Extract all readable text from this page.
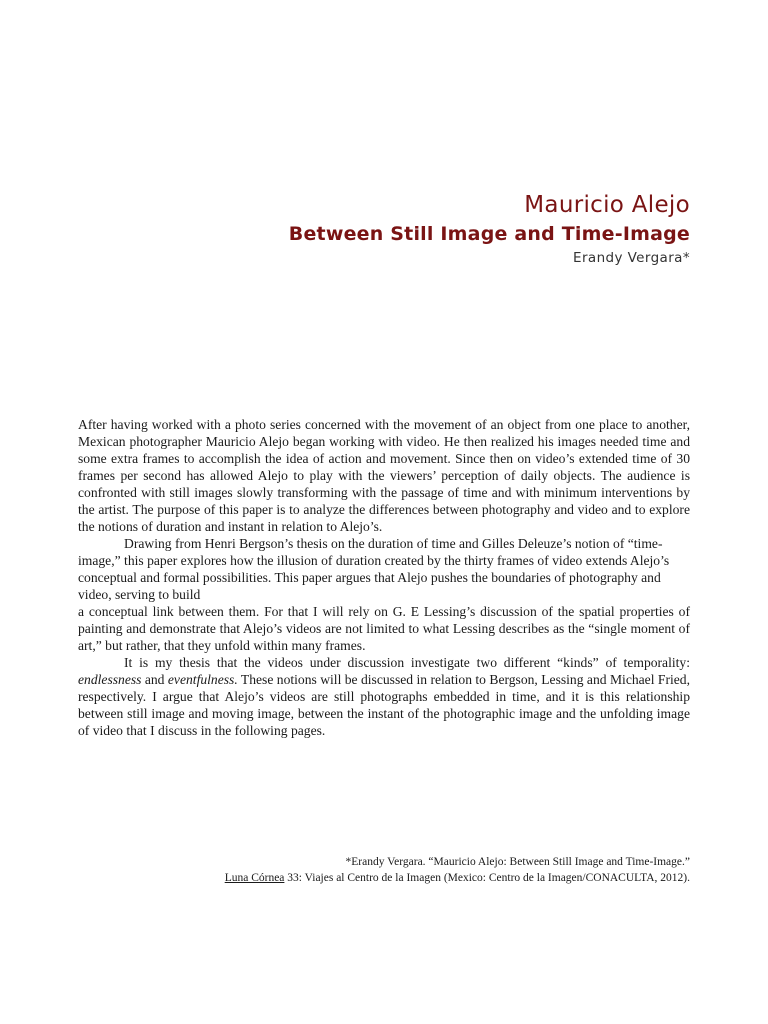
Mauricio Alejo
Between Still Image and Time-Image
Erandy Vergara*

After having worked with a photo series concerned with the movement of an object from one place to another, Mexican photographer Mauricio Alejo began working with video. He then realized his images needed time and some extra frames to accomplish the idea of action and movement. Since then on video’s extended time of 30 frames per second has allowed Alejo to play with the viewers’ perception of daily objects. The audience is confronted with still images slowly transforming with the passage of time and with minimum interventions by the artist. The purpose of this paper is to analyze the differences between photography and video and to explore the notions of duration and instant in relation to Alejo’s.

Drawing from Henri Bergson’s thesis on the duration of time and Gilles Deleuze’s notion of “time-image,” this paper explores how the illusion of duration created by the thirty frames of video extends Alejo’s conceptual and formal possibilities. This paper argues that Alejo pushes the boundaries of photography and video, serving to build

a conceptual link between them. For that I will rely on G. E Lessing’s discussion of the spatial properties of painting and demonstrate that Alejo’s videos are not limited to what Lessing describes as the “single moment of art,” but rather, that they unfold within many frames.

It is my thesis that the videos under discussion investigate two different “kinds” of temporality: endlessness and eventfulness. These notions will be discussed in relation to Bergson, Lessing and Michael Fried, respectively. I argue that Alejo’s videos are still photographs embedded in time, and it is this relationship between still image and moving image, between the instant of the photographic image and the unfolding image of video that I discuss in the following pages.

*Erandy Vergara. “Mauricio Alejo: Between Still Image and Time-Image.”
Luna Córnea 33: Viajes al Centro de la Imagen (Mexico: Centro de la Imagen/CONACULTA, 2012).
